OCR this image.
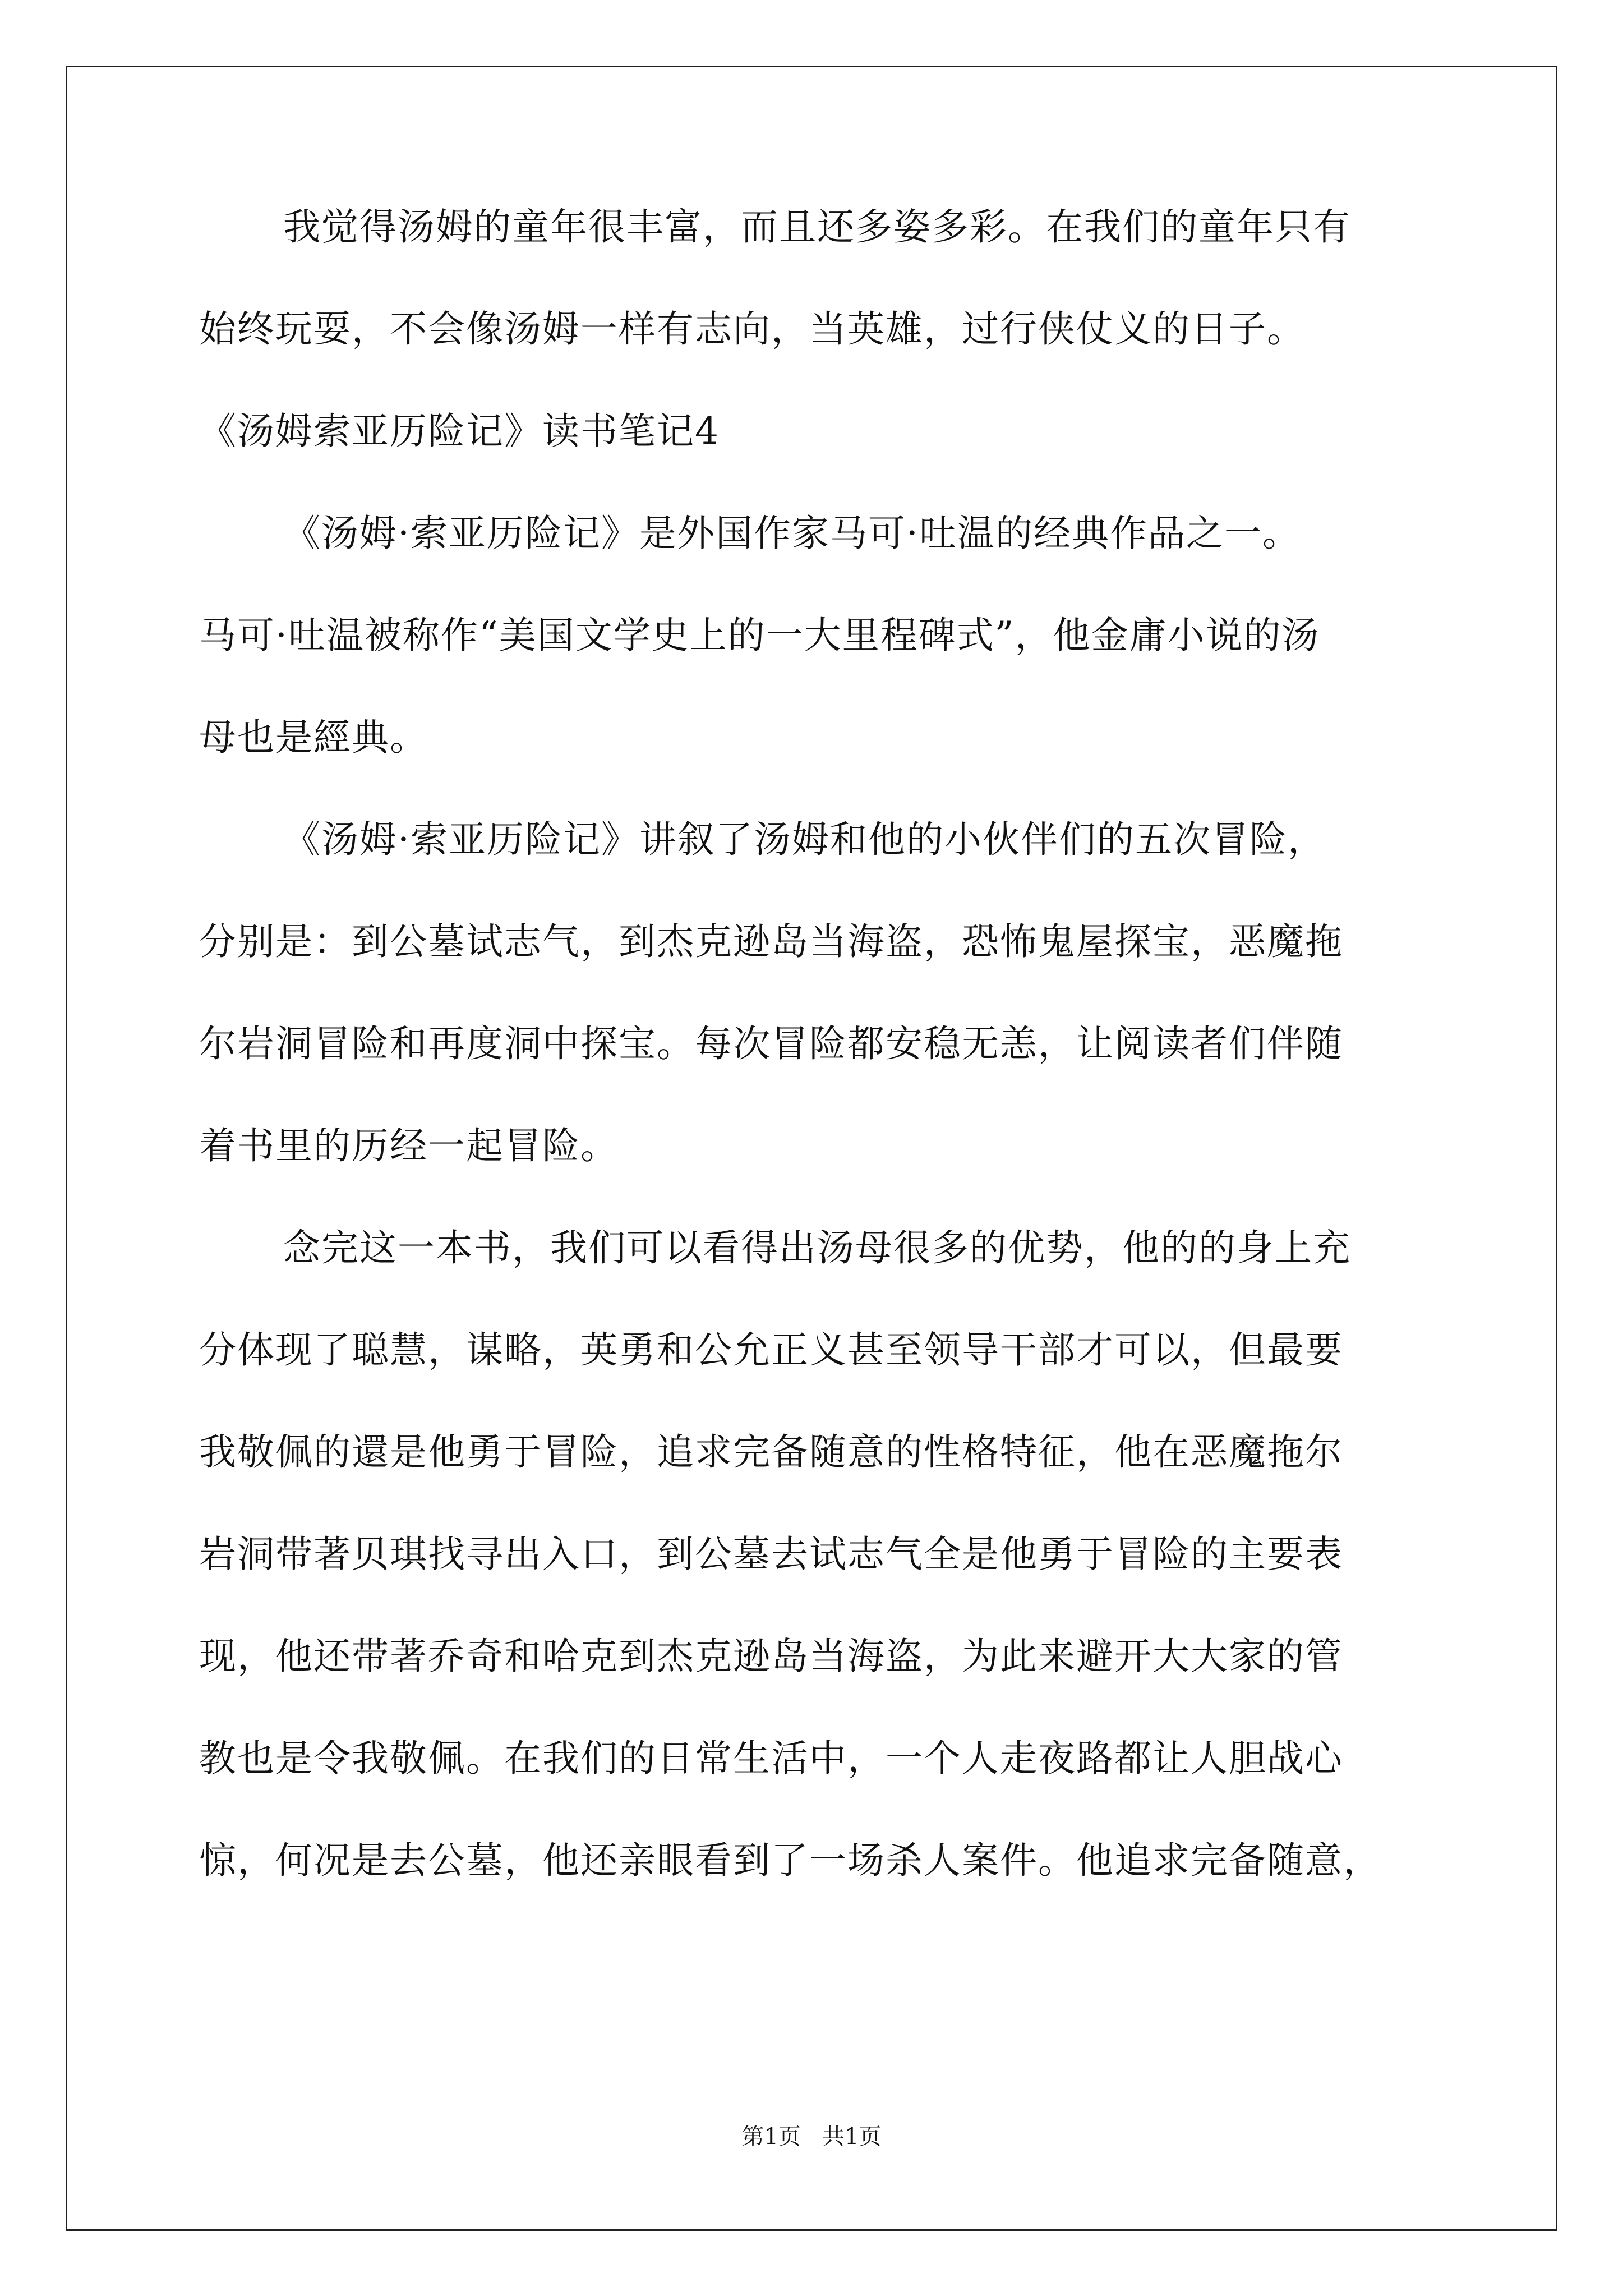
我觉得汤姆的童年很丰富，而且还多姿多彩。在我们的童年只有
始终玩耍，不会像汤姆一样有志向，当英雄，过行侠仗义的日子。
《汤姆索亚历险记》读书笔记4
《汤姆·索亚历险记》是外国作家马可·吐温的经典作品之一。
马可·吐温被称作“美国文学史上的一大里程碑式”，他金庸小说的汤
母也是經典。
《汤姆·索亚历险记》讲叙了汤姆和他的小伙伴们的五次冒险，
分别是：到公墓试志气，到杰克逊岛当海盗，恐怖鬼屋探宝，恶魔拖
尔岩洞冒险和再度洞中探宝。每次冒险都安稳无恙，让阅读者们伴随
着书里的历经一起冒险。
念完这一本书，我们可以看得出汤母很多的优势，他的的身上充
分体现了聪慧，谋略，英勇和公允正义甚至领导干部才可以，但最要
我敬佩的還是他勇于冒险，追求完备随意的性格特征，他在恶魔拖尔
岩洞带著贝琪找寻出入口，到公墓去试志气全是他勇于冒险的主要表
现，他还带著乔奇和哈克到杰克逊岛当海盗，为此来避开大大家的管
教也是令我敬佩。在我们的日常生活中，一个人走夜路都让人胆战心
惊，何况是去公墓，他还亲眼看到了一场杀人案件。他追求完备随意，
第1页   共1页
